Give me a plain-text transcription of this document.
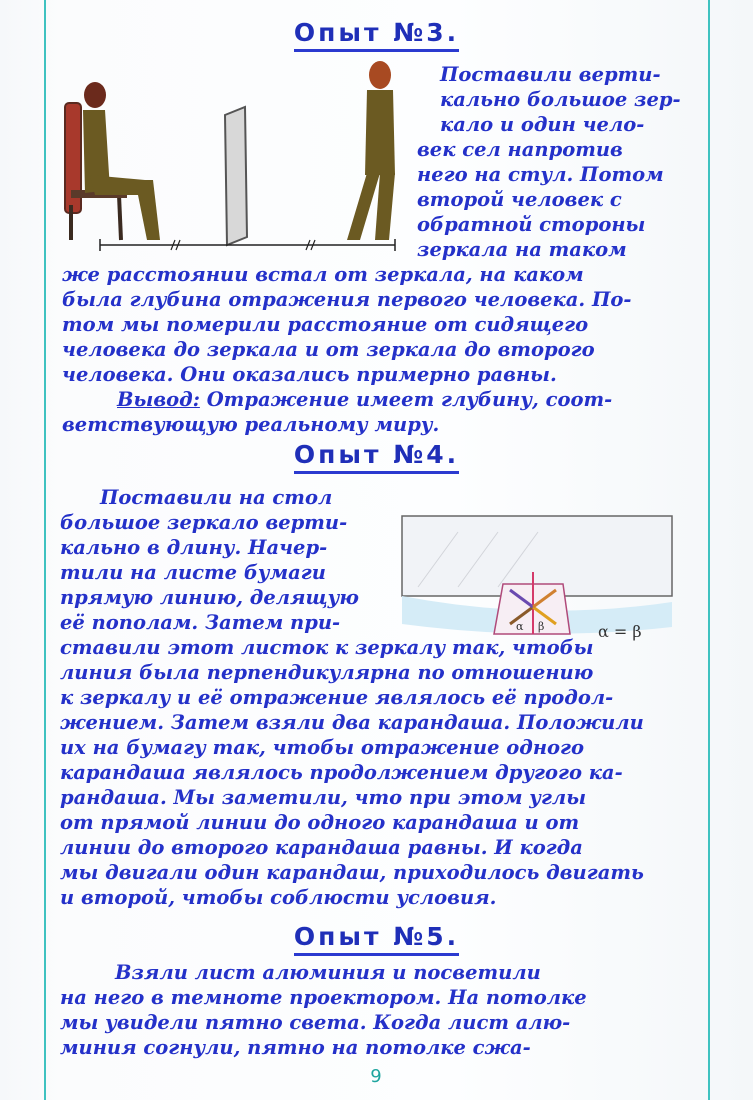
Опыт №3.

Поставили верти-

кально большое зер-

кало и один чело-

век сел напротив

него на стул. Потом

второй человек с

обратной стороны

зеркала на таком

же расстоянии встал от зеркала, на каком

была глубина отражения первого человека. По-

том мы померили расстояние от сидящего

человека до зеркала и от зеркала до второго

человека. Они оказались примерно равны.

Вывод: Отражение имеет глубину, соот-

ветствующую реальному миру.

Опыт №4.
α β	α = β

Поставили на стол

большое зеркало верти-

кально в длину. Начер-

тили на листе бумаги

прямую линию, делящую

её пополам. Затем при-

ставили этот листок к зеркалу так, чтобы

линия была перпендикулярна по отношению

к зеркалу и её отражение являлось её продол-

жением. Затем взяли два карандаша. Положили

их на бумагу так, чтобы отражение одного

карандаша являлось продолжением другого ка-

рандаша. Мы заметили, что при этом углы

от прямой линии до одного карандаша и от

линии до второго карандаша равны. И когда

мы двигали один карандаш, приходилось двигать

и второй, чтобы соблюсти условия.

Опыт №5.

Взяли лист алюминия и посветили

на него в темноте проектором. На потолке

мы увидели пятно света. Когда лист алю-

миния согнули, пятно на потолке сжа-

9
